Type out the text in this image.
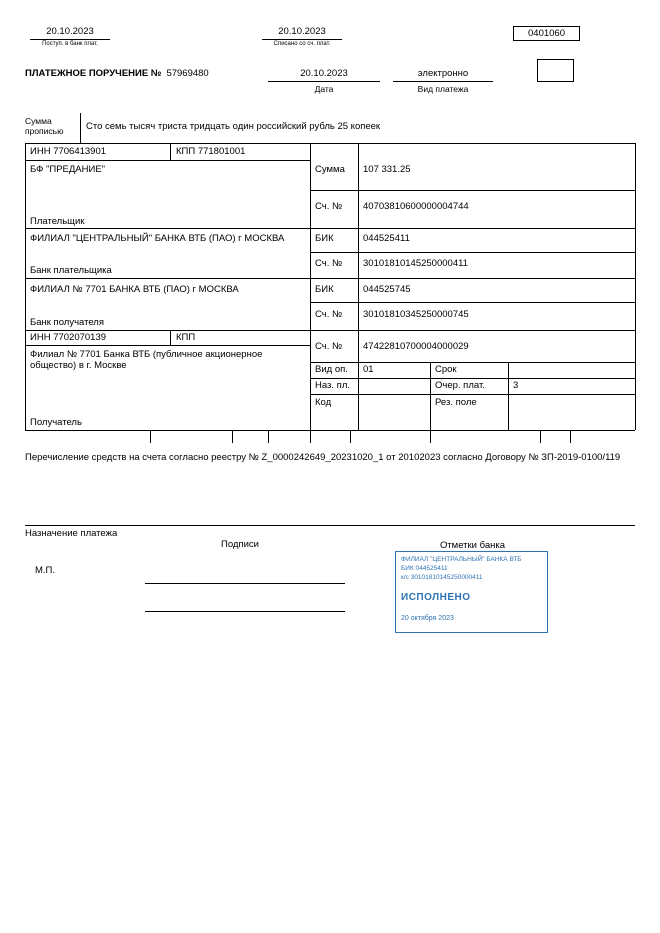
20.10.2023
Поступ. в банк плат.
20.10.2023
Списано со сч. плат.
0401060
ПЛАТЕЖНОЕ ПОРУЧЕНИЕ № 57969480	20.10.2023
Дата
электронно
Вид платежа
Сумма
прописью Сто семь тысяч триста тридцать один российский рубль 25 копеек
ИНН 7706413901	КПП 771801001
БФ "ПРЕДАНИЕ"
Плательщик
Сумма 107 331.25
Сч. № 40703810600000004744
ФИЛИАЛ "ЦЕНТРАЛЬНЫЙ" БАНКА ВТБ (ПАО) г МОСКВА
Банк плательщика
БИК	044525411
Сч. № 30101810145250000411
ФИЛИАЛ № 7701 БАНКА ВТБ (ПАО) г МОСКВА
Банк получателя
БИК	044525745
Сч. № 30101810345250000745
ИНН 7702070139	КПП
Филиал № 7701 Банка ВТБ (публичное акционерное общество) в г. Москве
Получатель
Сч. № 47422810700004000029
Вид оп. 01	Срок
Наз. пл.	Очер. плат.	3
Код	Рез. поле
Перечисление средств на счета согласно реестру № Z_0000242649_20231020_1 от 20102023 согласно Договору № ЗП-2019-0100/119
Назначение платежа
Подписи	Отметки банка
М.П.
ФИЛИАЛ "ЦЕНТРАЛЬНЫЙ" БАНКА ВТБ
БИК 044525411
к/с 30101810145250000411
ИСПОЛНЕНО
20 октября 2023
